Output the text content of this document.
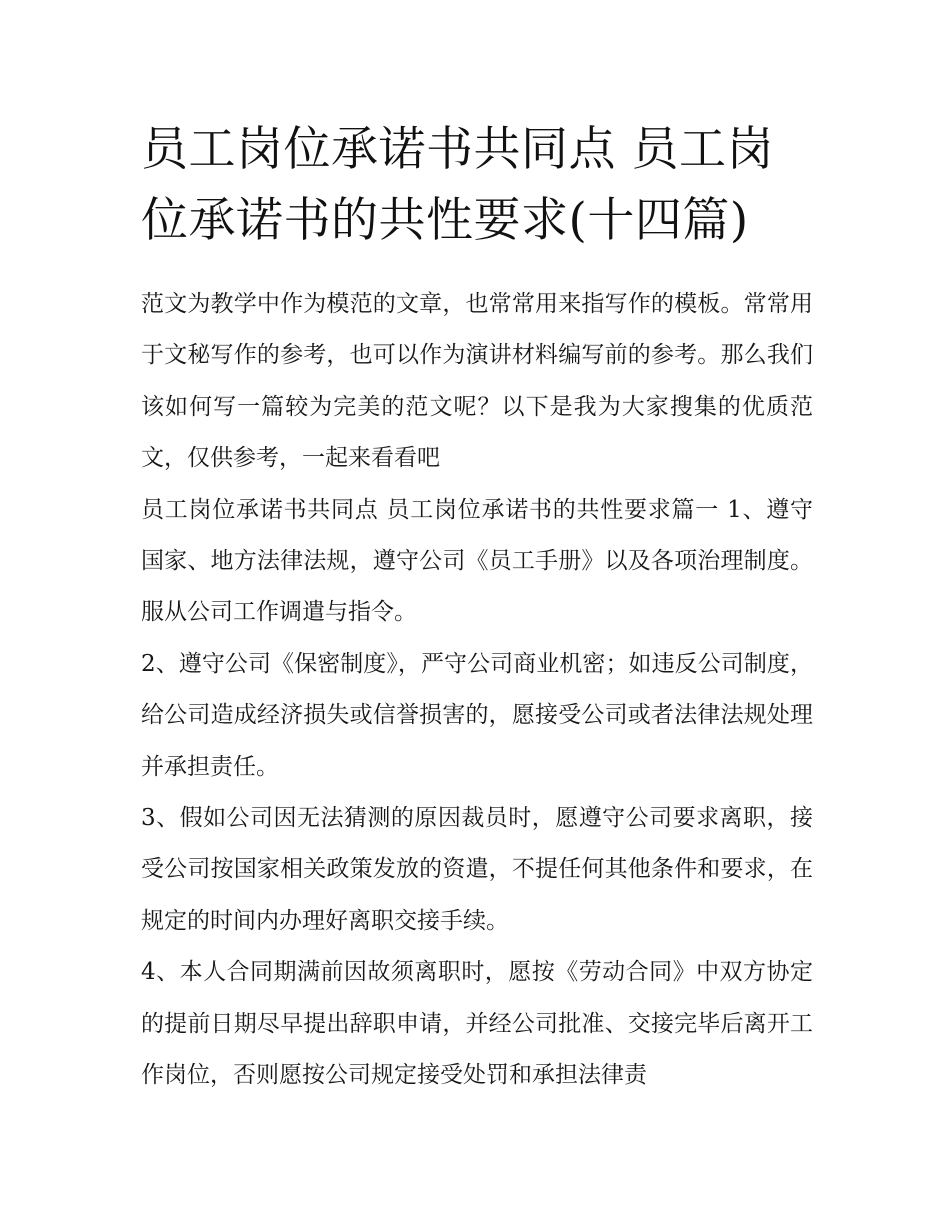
员工岗位承诺书共同点 员工岗位承诺书的共性要求(十四篇)

范文为教学中作为模范的文章，也常常用来指写作的模板。常常用于文秘写作的参考，也可以作为演讲材料编写前的参考。那么我们该如何写一篇较为完美的范文呢？以下是我为大家搜集的优质范文，仅供参考，一起来看看吧

员工岗位承诺书共同点 员工岗位承诺书的共性要求篇一 1、遵守国家、地方法律法规，遵守公司《员工手册》以及各项治理制度。服从公司工作调遣与指令。

2、遵守公司《保密制度》，严守公司商业机密；如违反公司制度，给公司造成经济损失或信誉损害的，愿接受公司或者法律法规处理并承担责任。

3、假如公司因无法猜测的原因裁员时，愿遵守公司要求离职，接受公司按国家相关政策发放的资遣，不提任何其他条件和要求，在规定的时间内办理好离职交接手续。

4、本人合同期满前因故须离职时，愿按《劳动合同》中双方协定的提前日期尽早提出辞职申请，并经公司批准、交接完毕后离开工作岗位，否则愿按公司规定接受处罚和承担法律责
